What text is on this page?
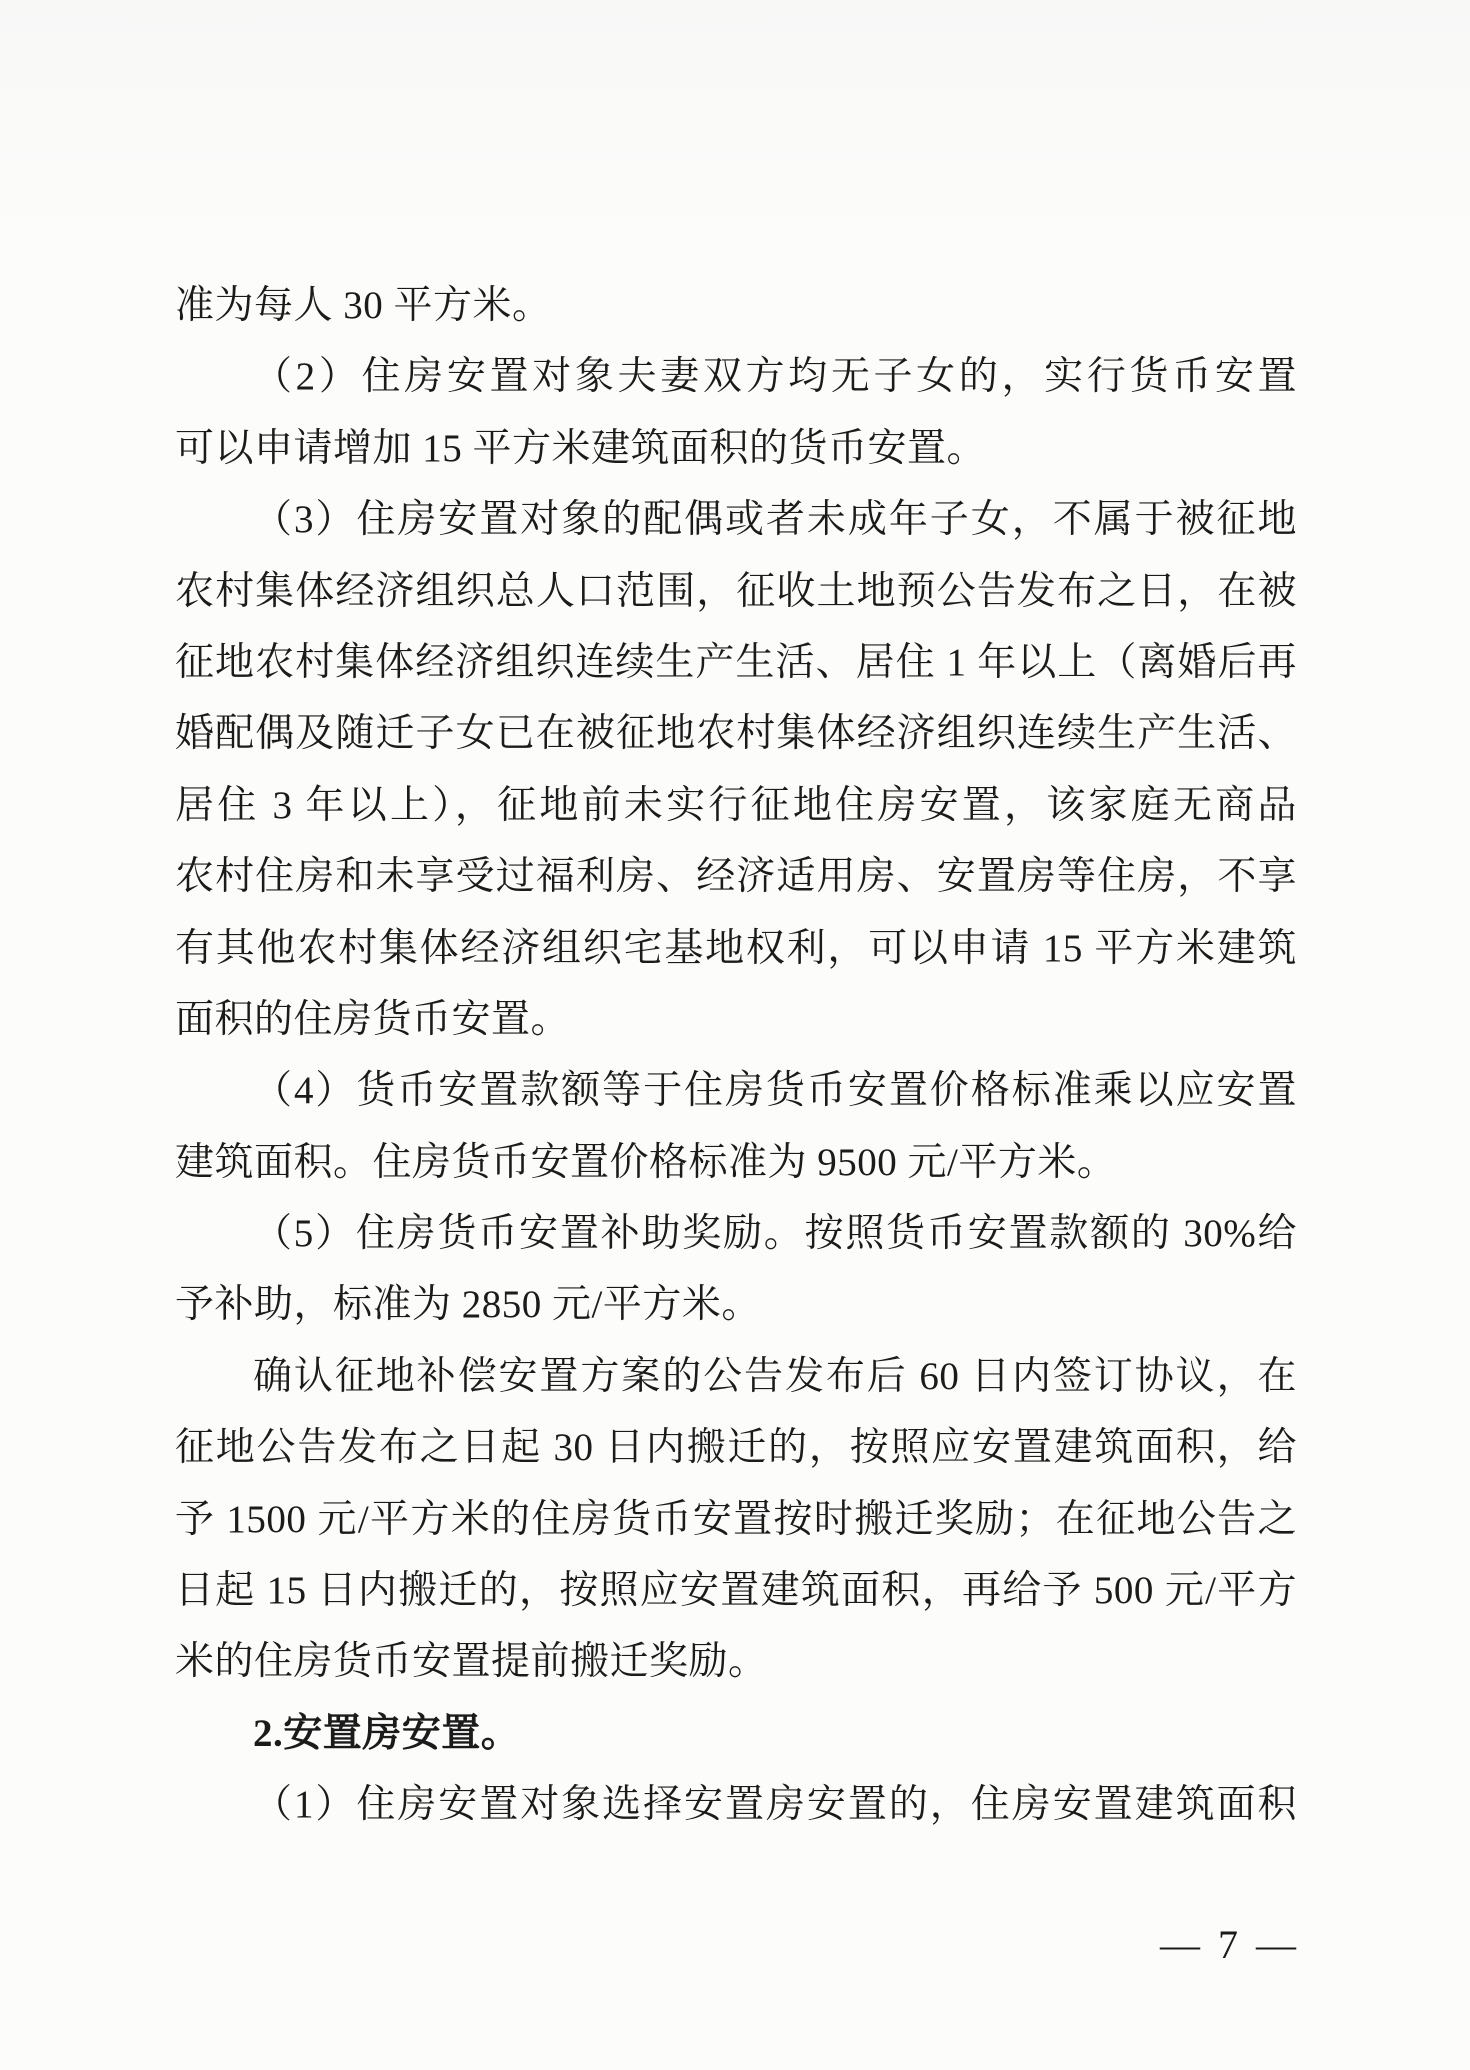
准为每人 30 平方米。
（2）住房安置对象夫妻双方均无子女的，实行货币安置
可以申请增加 15 平方米建筑面积的货币安置。
（3）住房安置对象的配偶或者未成年子女，不属于被征地
农村集体经济组织总人口范围，征收土地预公告发布之日，在被
征地农村集体经济组织连续生产生活、居住 1 年以上（离婚后再
婚配偶及随迁子女已在被征地农村集体经济组织连续生产生活、
居住 3 年以上），征地前未实行征地住房安置，该家庭无商品
农村住房和未享受过福利房、经济适用房、安置房等住房，不享
有其他农村集体经济组织宅基地权利，可以申请 15 平方米建筑
面积的住房货币安置。
（4）货币安置款额等于住房货币安置价格标准乘以应安置
建筑面积。住房货币安置价格标准为 9500 元/平方米。
（5）住房货币安置补助奖励。按照货币安置款额的 30%给
予补助，标准为 2850 元/平方米。
确认征地补偿安置方案的公告发布后 60 日内签订协议，在
征地公告发布之日起 30 日内搬迁的，按照应安置建筑面积，给
予 1500 元/平方米的住房货币安置按时搬迁奖励；在征地公告之
日起 15 日内搬迁的，按照应安置建筑面积，再给予 500 元/平方
米的住房货币安置提前搬迁奖励。
2.安置房安置。
（1）住房安置对象选择安置房安置的，住房安置建筑面积
— 7 —
